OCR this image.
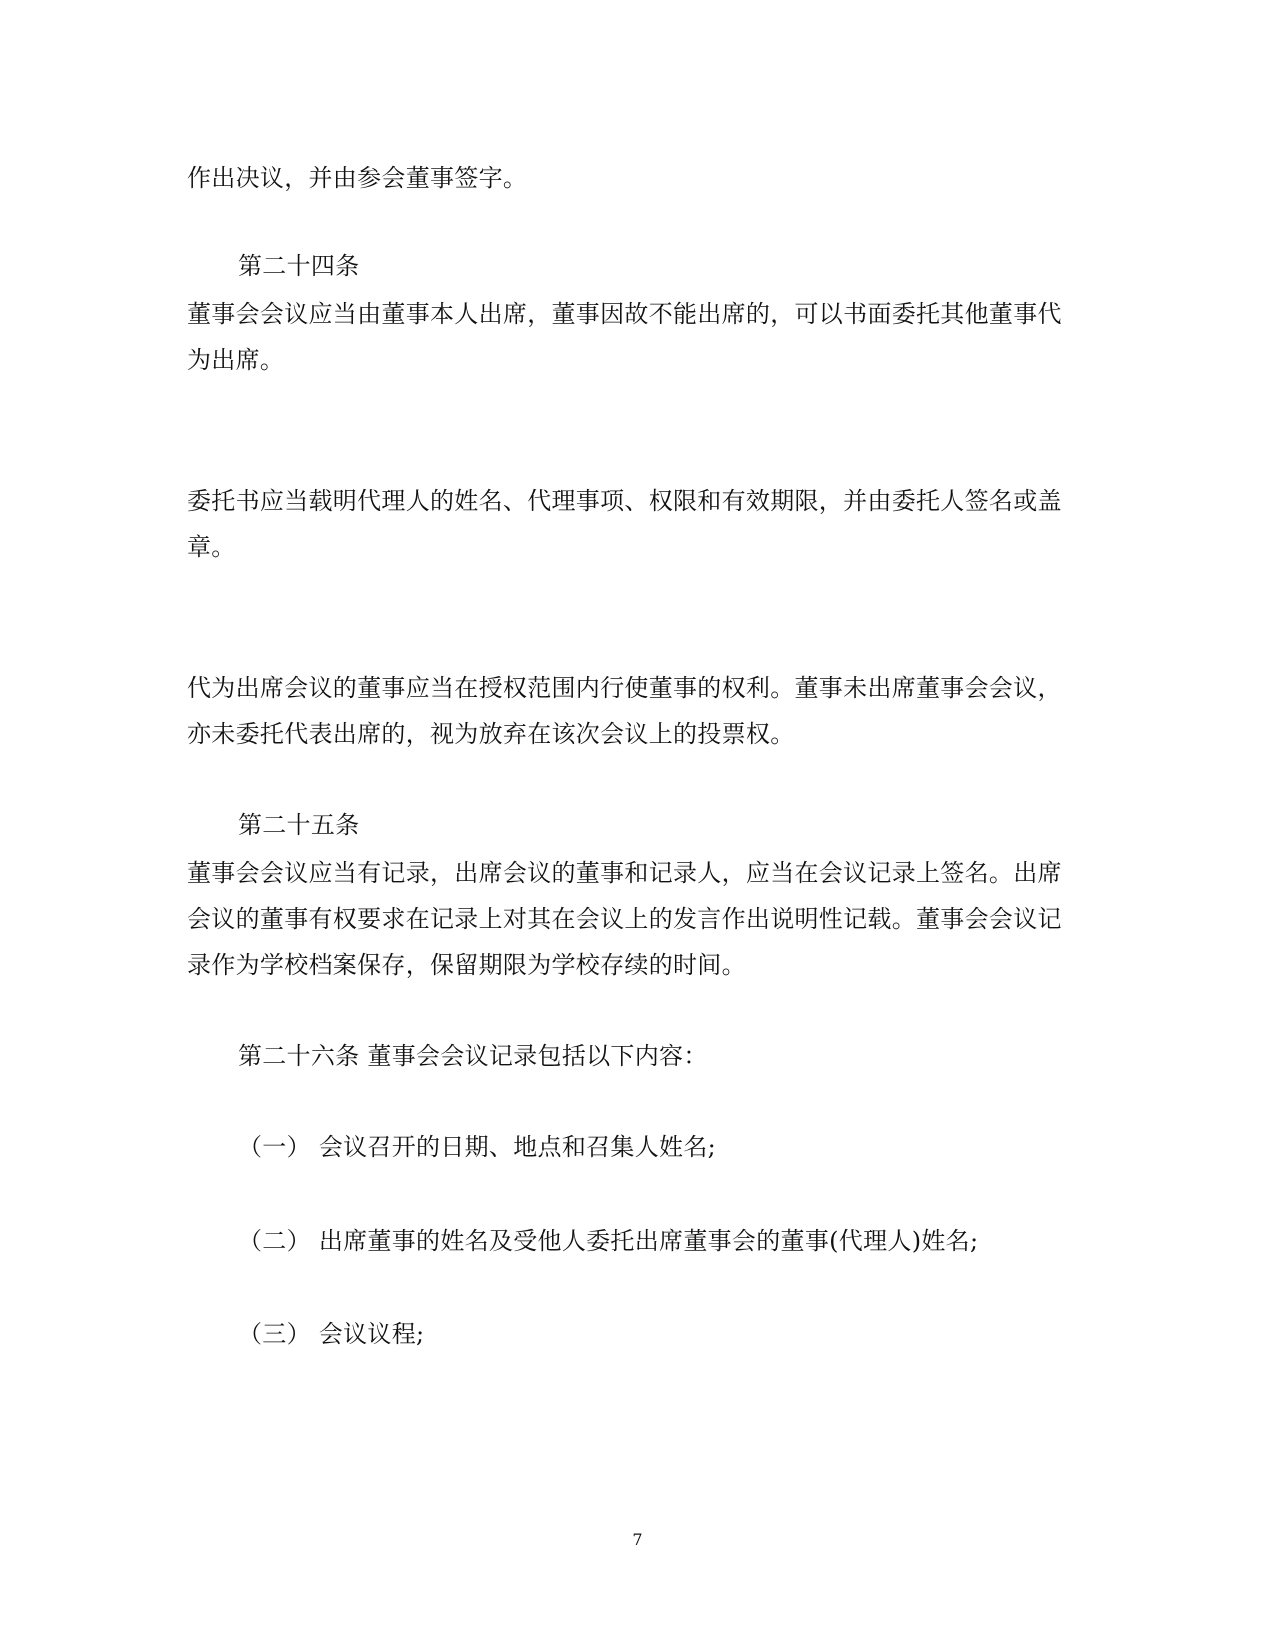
作出决议，并由参会董事签字。
第二十四条
董事会会议应当由董事本人出席，董事因故不能出席的，可以书面委托其他董事代
为出席。
委托书应当载明代理人的姓名、代理事项、权限和有效期限，并由委托人签名或盖
章。
代为出席会议的董事应当在授权范围内行使董事的权利。董事未出席董事会会议，
亦未委托代表出席的，视为放弃在该次会议上的投票权。
第二十五条
董事会会议应当有记录，出席会议的董事和记录人，应当在会议记录上签名。出席
会议的董事有权要求在记录上对其在会议上的发言作出说明性记载。董事会会议记
录作为学校档案保存，保留期限为学校存续的时间。
第二十六条 董事会会议记录包括以下内容：
（一） 会议召开的日期、地点和召集人姓名;
（二） 出席董事的姓名及受他人委托出席董事会的董事(代理人)姓名;
（三） 会议议程;
7
